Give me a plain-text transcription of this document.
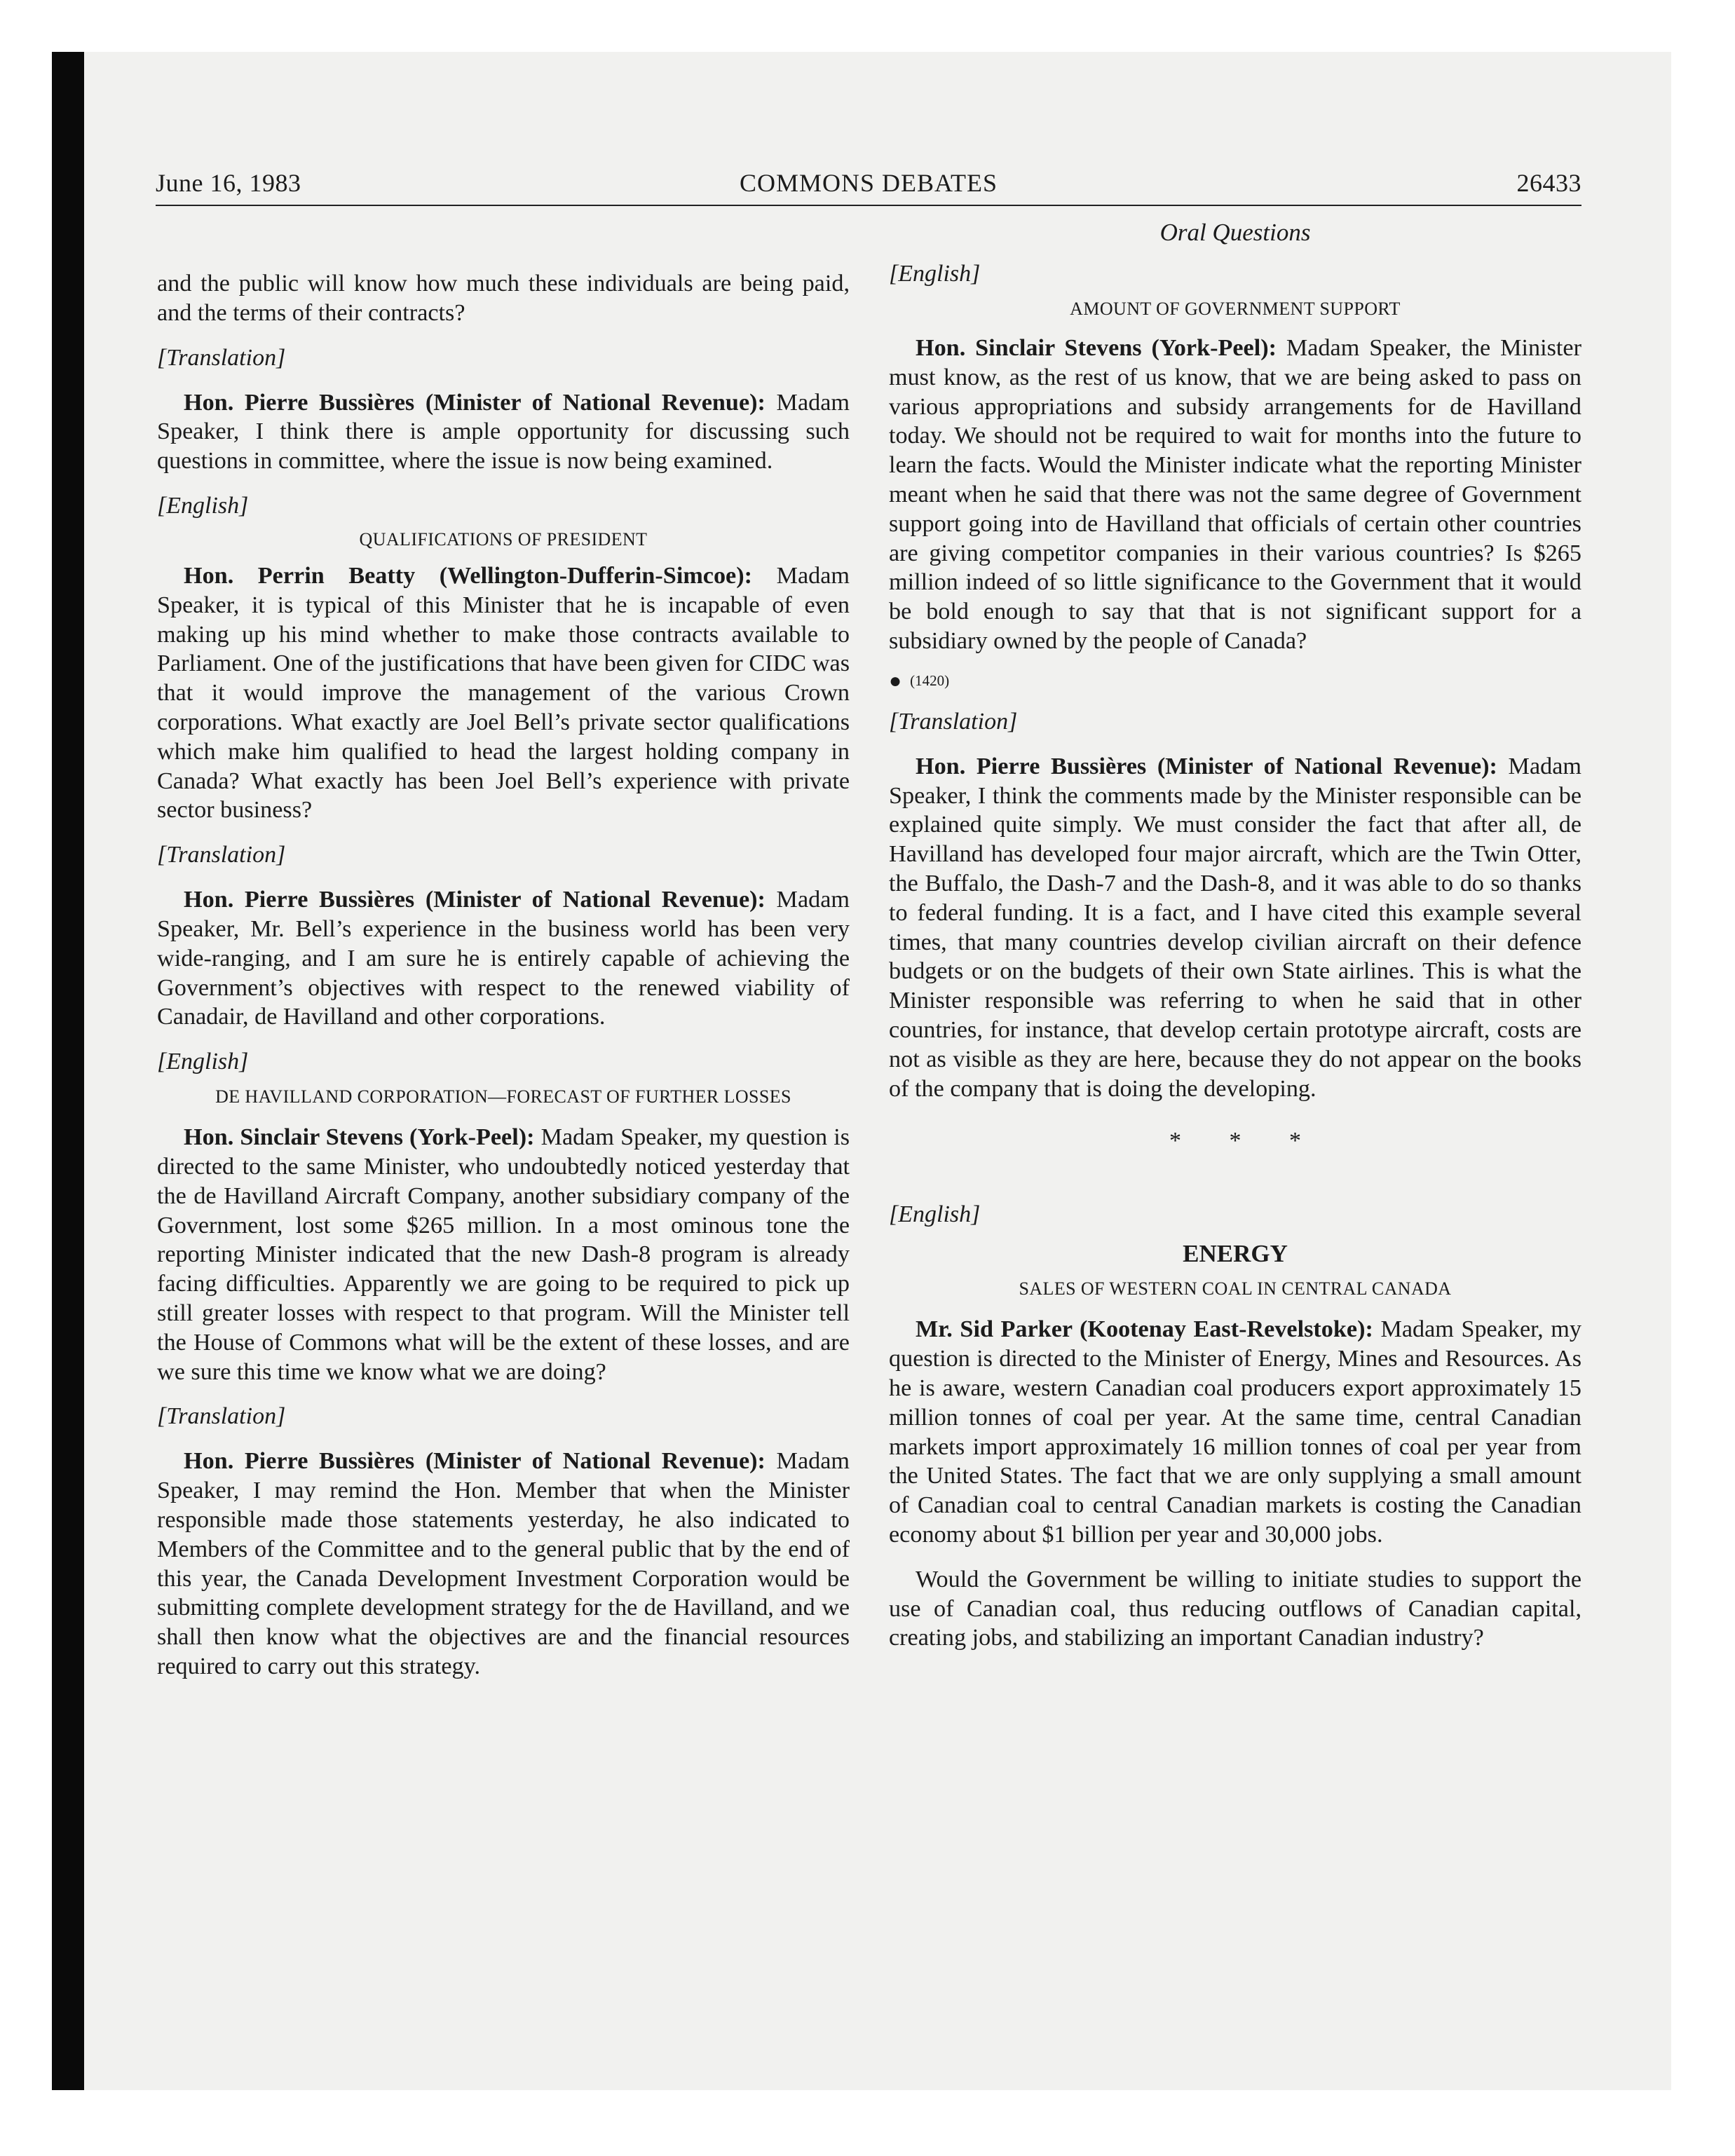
June 16, 1983	COMMONS DEBATES	26433
Oral Questions

and the public will know how much these individuals are being paid, and the terms of their contracts?

[Translation]

Hon. Pierre Bussières (Minister of National Revenue): Madam Speaker, I think there is ample opportunity for discussing such questions in committee, where the issue is now being examined.

[English]

QUALIFICATIONS OF PRESIDENT

Hon. Perrin Beatty (Wellington-Dufferin-Simcoe): Madam Speaker, it is typical of this Minister that he is incapable of even making up his mind whether to make those contracts available to Parliament. One of the justifications that have been given for CIDC was that it would improve the management of the various Crown corporations. What exactly are Joel Bell’s private sector qualifications which make him qualified to head the largest holding company in Canada? What exactly has been Joel Bell’s experience with private sector business?

[Translation]

Hon. Pierre Bussières (Minister of National Revenue): Madam Speaker, Mr. Bell’s experience in the business world has been very wide-ranging, and I am sure he is entirely capable of achieving the Government’s objectives with respect to the renewed viability of Canadair, de Havilland and other corporations.

[English]

DE HAVILLAND CORPORATION—FORECAST OF FURTHER LOSSES

Hon. Sinclair Stevens (York-Peel): Madam Speaker, my question is directed to the same Minister, who undoubtedly noticed yesterday that the de Havilland Aircraft Company, another subsidiary company of the Government, lost some $265 million. In a most ominous tone the reporting Minister indicated that the new Dash-8 program is already facing difficulties. Apparently we are going to be required to pick up still greater losses with respect to that program. Will the Minister tell the House of Commons what will be the extent of these losses, and are we sure this time we know what we are doing?

[Translation]

Hon. Pierre Bussières (Minister of National Revenue): Madam Speaker, I may remind the Hon. Member that when the Minister responsible made those statements yesterday, he also indicated to Members of the Committee and to the general public that by the end of this year, the Canada Development Investment Corporation would be submitting complete development strategy for the de Havilland, and we shall then know what the objectives are and the financial resources required to carry out this strategy.

[English]

AMOUNT OF GOVERNMENT SUPPORT

Hon. Sinclair Stevens (York-Peel): Madam Speaker, the Minister must know, as the rest of us know, that we are being asked to pass on various appropriations and subsidy arrangements for de Havilland today. We should not be required to wait for months into the future to learn the facts. Would the Minister indicate what the reporting Minister meant when he said that there was not the same degree of Government support going into de Havilland that officials of certain other countries are giving competitor companies in their various countries? Is $265 million indeed of so little significance to the Government that it would be bold enough to say that that is not significant support for a subsidiary owned by the people of Canada?

● (1420)

[Translation]

Hon. Pierre Bussières (Minister of National Revenue): Madam Speaker, I think the comments made by the Minister responsible can be explained quite simply. We must consider the fact that after all, de Havilland has developed four major aircraft, which are the Twin Otter, the Buffalo, the Dash-7 and the Dash-8, and it was able to do so thanks to federal funding. It is a fact, and I have cited this example several times, that many countries develop civilian aircraft on their defence budgets or on the budgets of their own State airlines. This is what the Minister responsible was referring to when he said that in other countries, for instance, that develop certain prototype aircraft, costs are not as visible as they are here, because they do not appear on the books of the company that is doing the developing.

* * *

[English]

ENERGY

SALES OF WESTERN COAL IN CENTRAL CANADA

Mr. Sid Parker (Kootenay East-Revelstoke): Madam Speaker, my question is directed to the Minister of Energy, Mines and Resources. As he is aware, western Canadian coal producers export approximately 15 million tonnes of coal per year. At the same time, central Canadian markets import approximately 16 million tonnes of coal per year from the United States. The fact that we are only supplying a small amount of Canadian coal to central Canadian markets is costing the Canadian economy about $1 billion per year and 30,000 jobs.

Would the Government be willing to initiate studies to support the use of Canadian coal, thus reducing outflows of Canadian capital, creating jobs, and stabilizing an important Canadian industry?
